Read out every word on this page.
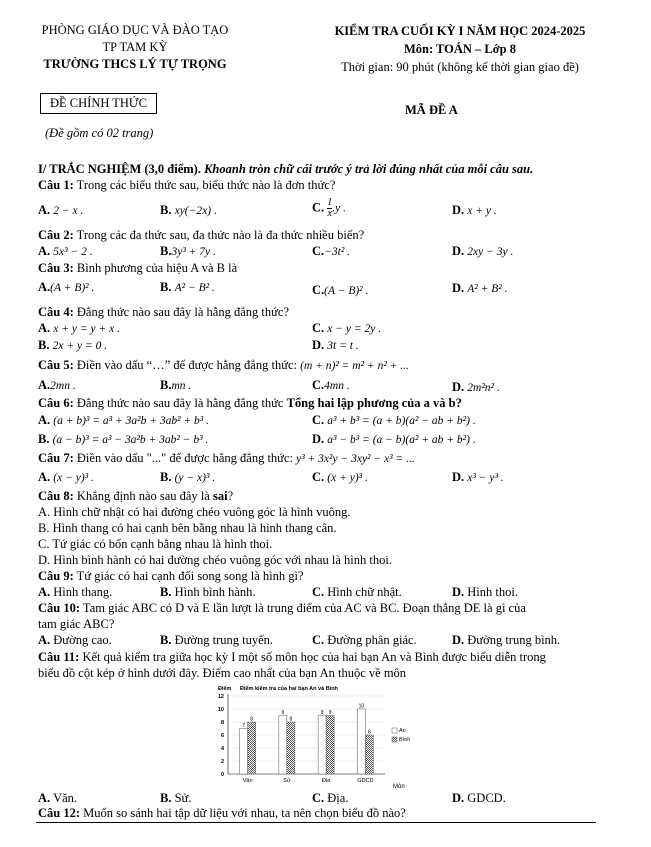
PHÒNG GIÁO DỤC VÀ ĐÀO TẠO
TP TAM KỲ
TRƯỜNG THCS LÝ TỰ TRỌNG
KIỂM TRA CUỐI KỲ I NĂM HỌC 2024-2025
Môn: TOÁN – Lớp 8
Thời gian: 90 phút (không kể thời gian giao đề)
ĐỀ CHÍNH THỨC	MÃ ĐỀ A
(Đề gồm có 02 trang)
I/ TRẮC NGHIỆM (3,0 điểm). Khoanh tròn chữ cái trước ý trả lời đúng nhất của mỗi câu sau.
Câu 1: Trong các biểu thức sau, biểu thức nào là đơn thức?
A. 2 − x .	B. xy(−2x) .	C. $\frac{1}{x} .y$ .	D. x + y .
Câu 2: Trong các đa thức sau, đa thức nào là đa thức nhiều biến?
A. 5x³ − 2 .	B.3y³ + 7y .	C.−3t² .	D. 2xy − 3y .
Câu 3: Bình phương của hiệu A và B là
A.(A + B)² .	B. A² − B² .	C.(A − B)² .	D. A² + B² .
Câu 4: Đẳng thức nào sau đây là hằng đẳng thức?
A. x + y = y + x .	C. x − y = 2y .
B. 2x + y = 0 .	D. 3t = t .
Câu 5: Điền vào dấu “…” để được hằng đẳng thức: (m + n)² = m² + n² + ...
A.2mn .	B.mn .	C.4mn .	D. 2m²n² .
Câu 6: Đẳng thức nào sau đây là hằng đẳng thức Tổng hai lập phương của a và b?
A. (a + b)³ = a³ + 3a²b + 3ab² + b³ .	C. a³ + b³ = (a + b)(a² − ab + b²) .
B. (a − b)³ = a³ − 3a²b + 3ab² − b³ .	D. a³ − b³ = (a − b)(a² + ab + b²) .
Câu 7: Điền vào dấu "..." để được hằng đẳng thức: y³ + 3x²y − 3xy² − x³ = ...
A. (x − y)³ .	B. (y − x)³ .	C. (x + y)³ .	D. x³ − y³ .
Câu 8: Khẳng định nào sau đây là sai?
A. Hình chữ nhật có hai đường chéo vuông góc là hình vuông.
B. Hình thang có hai cạnh bên bằng nhau là hình thang cân.
C. Tứ giác có bốn cạnh bằng nhau là hình thoi.
D. Hình bình hành có hai đường chéo vuông góc với nhau là hình thoi.
Câu 9: Tứ giác có hai cạnh đối song song là hình gì?
A. Hình thang.	B. Hình bình hành.	C. Hình chữ nhật.	D. Hình thoi.
Câu 10: Tam giác ABC có D và E lần lượt là trung điểm của AC và BC. Đoạn thẳng DE là gì của
tam giác ABC?
A. Đường cao.	B. Đường trung tuyến.	C. Đường phân giác.	D. Đường trung bình.
Câu 11: Kết quả kiểm tra giữa học kỳ I một số môn học của hai bạn An và Bình được biểu diễn trong
biểu đồ cột kép ở hình dưới đây. Điểm cao nhất của bạn An thuộc về môn
Điểm Điểm kiểm tra của hai bạn An và Bình
0
2
4
6
8
10
12
7
8
Văn
9
8
Sử
9 9
Địa
10
6
GDCD
An
Bình
Môn
A. Văn.	B. Sử.	C. Địa.	D. GDCD.
Câu 12: Muốn so sánh hai tập dữ liệu với nhau, ta nên chọn biểu đồ nào?
